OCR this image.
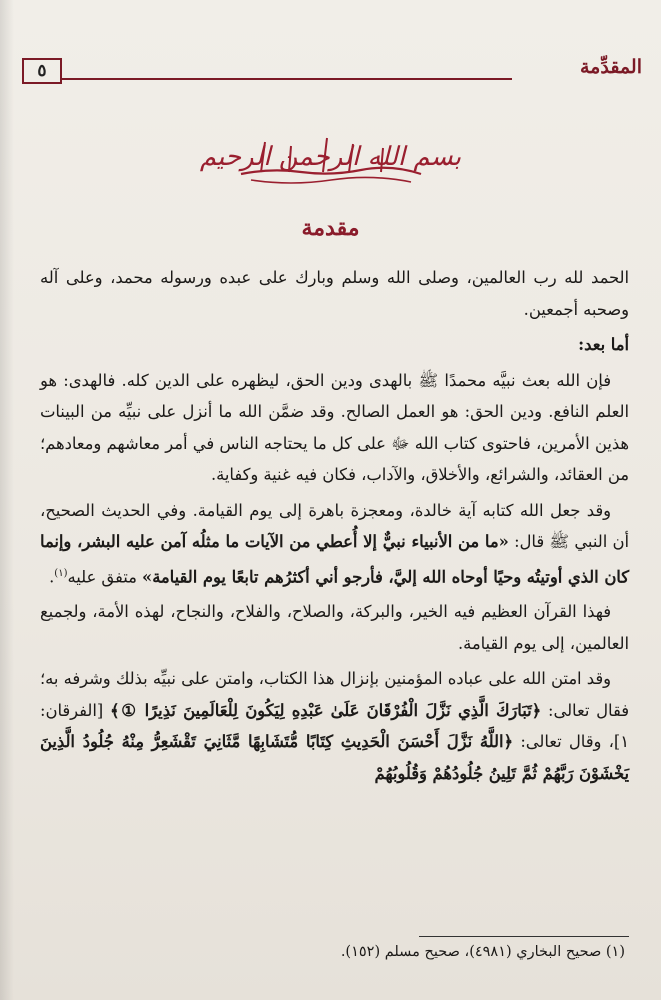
المقدِّمة
٥
بسم الله الرحمن الرحيم
مقدمة

الحمد لله رب العالمين، وصلى الله وسلم وبارك على عبده ورسوله محمد، وعلى آله وصحبه أجمعين.

أما بعد:

فإن الله بعث نبيَّه محمدًا ﷺ بالهدى ودين الحق، ليظهره على الدين كله. فالهدى: هو العلم النافع. ودين الحق: هو العمل الصالح. وقد ضمَّن الله ما أنزل على نبيِّه من البينات هذين الأمرين، فاحتوى كتاب الله ﷻ على كل ما يحتاجه الناس في أمر معاشهم ومعادهم؛ من العقائد، والشرائع، والأخلاق، والآداب، فكان فيه غنية وكفاية.

وقد جعل الله كتابه آية خالدة، ومعجزة باهرة إلى يوم القيامة. وفي الحديث الصحيح، أن النبي ﷺ قال: «ما من الأنبياء نبيٌّ إلا أُعطي من الآيات ما مثلُه آمن عليه البشر، وإنما كان الذي أوتيتُه وحيًا أوحاه الله إليَّ، فأرجو أني أكثرُهم تابعًا يوم القيامة» متفق عليه$^{(١)}$.

فهذا القرآن العظيم فيه الخير، والبركة، والصلاح، والفلاح، والنجاح، لهذه الأمة، ولجميع العالمين، إلى يوم القيامة.

وقد امتن الله على عباده المؤمنين بإنزال هذا الكتاب، وامتن على نبيِّه بذلك وشرفه به؛ فقال تعالى: ﴿تَبَارَكَ الَّذِي نَزَّلَ الْفُرْقَانَ عَلَىٰ عَبْدِهِ لِيَكُونَ لِلْعَالَمِينَ نَذِيرًا ①﴾ [الفرقان: ١]، وقال تعالى: ﴿اللَّهُ نَزَّلَ أَحْسَنَ الْحَدِيثِ كِتَابًا مُّتَشَابِهًا مَّثَانِيَ تَقْشَعِرُّ مِنْهُ جُلُودُ الَّذِينَ يَخْشَوْنَ رَبَّهُمْ ثُمَّ تَلِينُ جُلُودُهُمْ وَقُلُوبُهُمْ

(١) صحيح البخاري (٤٩٨١)، صحيح مسلم (١٥٢).
